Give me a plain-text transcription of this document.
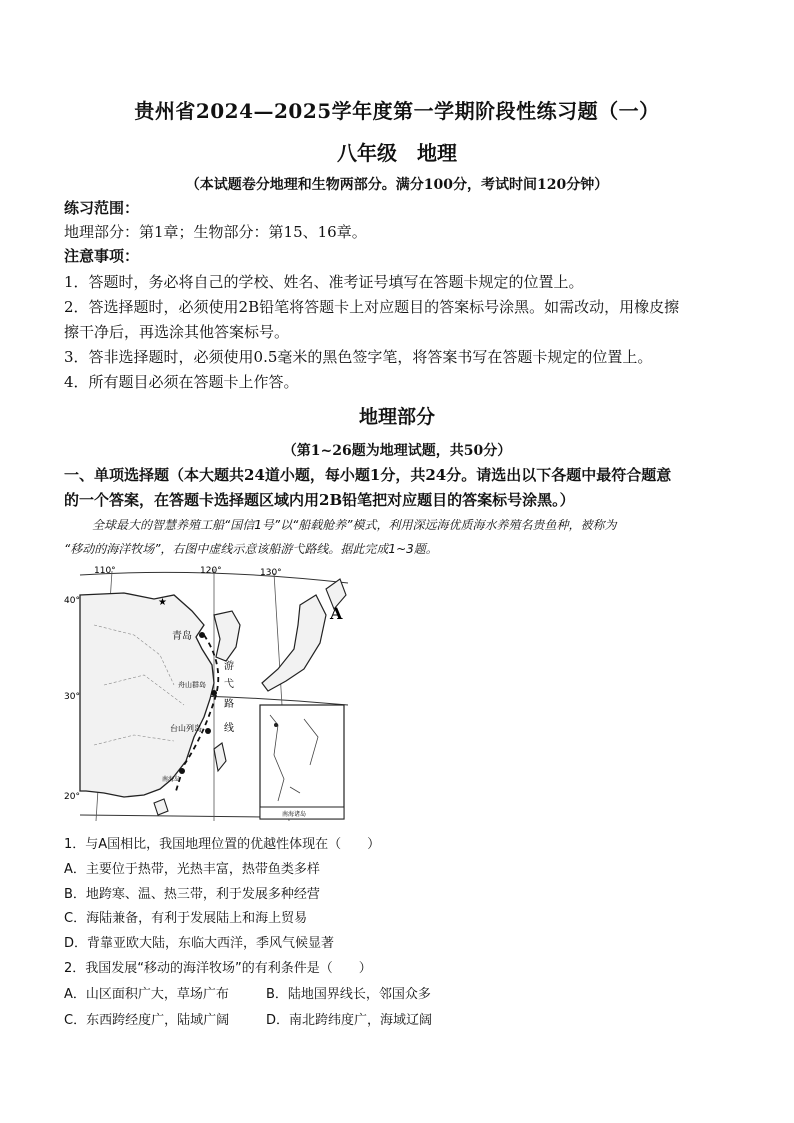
贵州省2024—2025学年度第一学期阶段性练习题（一）
八年级　地理
（本试题卷分地理和生物两部分。满分100分，考试时间120分钟）
练习范围：
地理部分：第1章；生物部分：第15、16章。
注意事项：
1．答题时，务必将自己的学校、姓名、准考证号填写在答题卡规定的位置上。
2．答选择题时，必须使用2B铅笔将答题卡上对应题目的答案标号涂黑。如需改动，用橡皮擦
擦干净后，再选涂其他答案标号。
3．答非选择题时，必须使用0.5毫米的黑色签字笔，将答案书写在答题卡规定的位置上。
4．所有题目必须在答题卡上作答。
地理部分
（第1~26题为地理试题，共50分）
一、单项选择题（本大题共24道小题，每小题1分，共24分。请选出以下各题中最符合题意
的一个答案，在答题卡选择题区域内用2B铅笔把对应题目的答案标号涂黑。）
全球最大的智慧养殖工船“国信1号”以“船载舱养”模式，利用深远海优质海水养殖名贵鱼种，被称为
“移动的海洋牧场”，右图中虚线示意该船游弋路线。据此完成1~3题。
★
110°	120°	130°
40°
30°
20°
A
青岛
舟山群岛
台山列岛
南海岛
游
弋
路
线
南海诸岛
1．与A国相比，我国地理位置的优越性体现在（　　）
A．主要位于热带，光热丰富，热带鱼类多样
B．地跨寒、温、热三带，利于发展多种经营
C．海陆兼备，有利于发展陆上和海上贸易
D．背靠亚欧大陆，东临大西洋，季风气候显著
2．我国发展“移动的海洋牧场”的有利条件是（　　）
A．山区面积广大，草场广布	B．陆地国界线长，邻国众多
C．东西跨经度广，陆域广阔	D．南北跨纬度广，海域辽阔
